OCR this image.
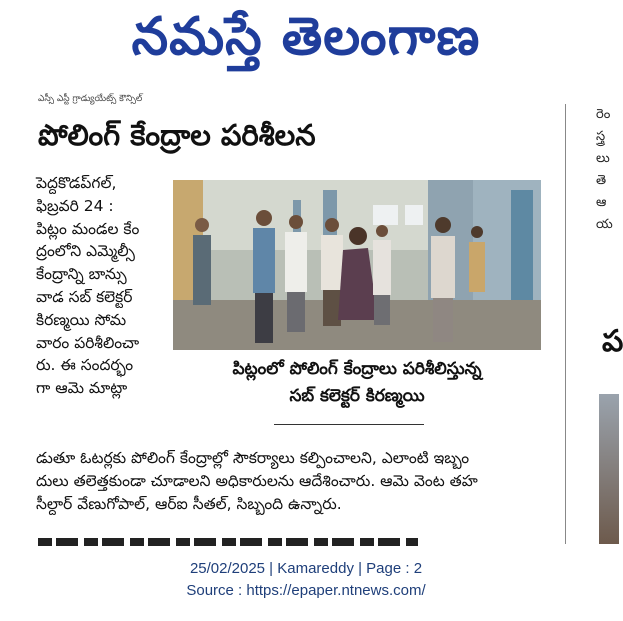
నమస్తే తెలంగాణ
ఎస్సీ ఎస్టీ గ్రాడ్యుయేట్స్ కౌన్సిల్
పోలింగ్ కేంద్రాల పరిశీలన
పెద్దకొడప్‌గల్,
ఫిబ్రవరి 24 :
పిట్లం మండల కేం
ద్రంలోని ఎమ్మెల్సీ
కేంద్రాన్ని బాన్సు
వాడ సబ్ కలెక్టర్
కిరణ్మయి సోమ
వారం పరిశీలించా
రు. ఈ సందర్భం
గా ఆమె మాట్లా
పిట్లంలో పోలింగ్ కేంద్రాలు పరిశీలిస్తున్న
సబ్ కలెక్టర్ కిరణ్మయి
డుతూ ఓటర్లకు పోలింగ్ కేంద్రాల్లో సౌకర్యాలు కల్పించాలని, ఎలాంటి ఇబ్బం
దులు తలెత్తకుండా చూడాలని అధికారులను ఆదేశించారు. ఆమె వెంట తహ
సీల్దార్ వేణుగోపాల్, ఆర్ఐ సీతల్, సిబ్బంది ఉన్నారు.
రెం
స్త్ర
లు
తె
ఆ
య
ప
25/02/2025 | Kamareddy | Page : 2
Source : https://epaper.ntnews.com/
